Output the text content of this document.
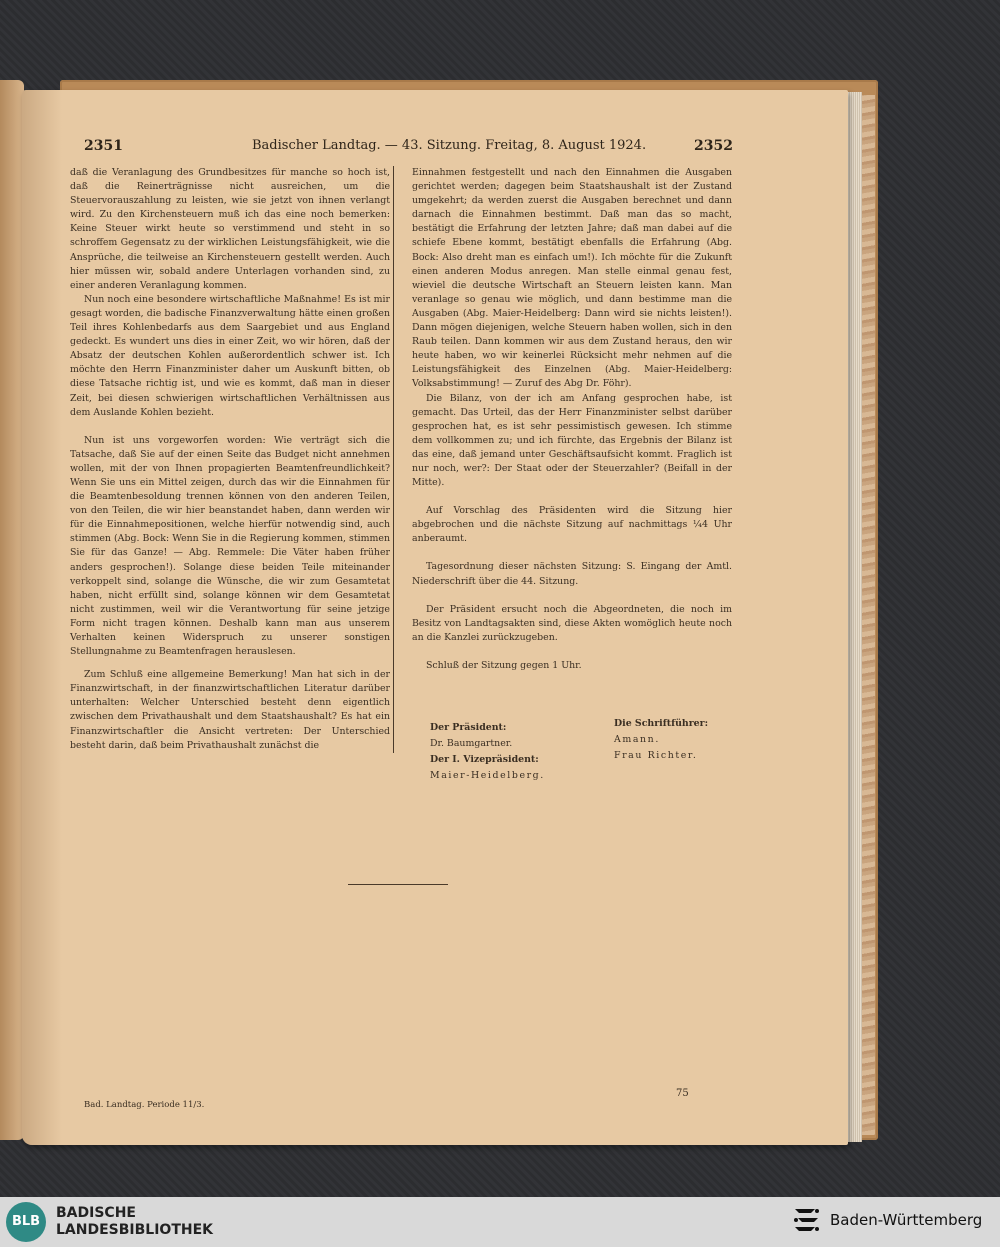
2351	Badischer Landtag. — 43. Sitzung. Freitag, 8. August 1924.	2352

daß die Veranlagung des Grundbesitzes für manche so hoch ist, daß die Reinerträgnisse nicht ausreichen, um die Steuervorauszahlung zu leisten, wie sie jetzt von ihnen verlangt wird. Zu den Kirchensteuern muß ich das eine noch bemerken: Keine Steuer wirkt heute so verstimmend und steht in so schroffem Gegensatz zu der wirklichen Leistungsfähigkeit, wie die Ansprüche, die teilweise an Kirchensteuern gestellt werden. Auch hier müssen wir, sobald andere Unterlagen vorhanden sind, zu einer anderen Veranlagung kommen.

Nun noch eine besondere wirtschaftliche Maßnahme! Es ist mir gesagt worden, die badische Finanzverwaltung hätte einen großen Teil ihres Kohlenbedarfs aus dem Saargebiet und aus England gedeckt. Es wundert uns dies in einer Zeit, wo wir hören, daß der Absatz der deutschen Kohlen außerordentlich schwer ist. Ich möchte den Herrn Finanzminister daher um Auskunft bitten, ob diese Tatsache richtig ist, und wie es kommt, daß man in dieser Zeit, bei diesen schwierigen wirtschaftlichen Verhältnissen aus dem Auslande Kohlen bezieht.

Nun ist uns vorgeworfen worden: Wie verträgt sich die Tatsache, daß Sie auf der einen Seite das Budget nicht annehmen wollen, mit der von Ihnen propagierten Beamtenfreundlichkeit? Wenn Sie uns ein Mittel zeigen, durch das wir die Einnahmen für die Beamtenbesoldung trennen können von den anderen Teilen, von den Teilen, die wir hier beanstandet haben, dann werden wir für die Einnahmepositionen, welche hierfür notwendig sind, auch stimmen (Abg. Bock: Wenn Sie in die Regierung kommen, stimmen Sie für das Ganze! — Abg. Remmele: Die Väter haben früher anders gesprochen!). Solange diese beiden Teile miteinander verkoppelt sind, solange die Wünsche, die wir zum Gesamtetat haben, nicht erfüllt sind, solange können wir dem Gesamtetat nicht zustimmen, weil wir die Verantwortung für seine jetzige Form nicht tragen können. Deshalb kann man aus unserem Verhalten keinen Widerspruch zu unserer sonstigen Stellungnahme zu Beamtenfragen herauslesen.

Zum Schluß eine allgemeine Bemerkung! Man hat sich in der Finanzwirtschaft, in der finanzwirtschaftlichen Literatur darüber unterhalten: Welcher Unterschied besteht denn eigentlich zwischen dem Privathaushalt und dem Staatshaushalt? Es hat ein Finanzwirtschaftler die Ansicht vertreten: Der Unterschied besteht darin, daß beim Privathaushalt zunächst die

Einnahmen festgestellt und nach den Einnahmen die Ausgaben gerichtet werden; dagegen beim Staatshaushalt ist der Zustand umgekehrt; da werden zuerst die Ausgaben berechnet und dann darnach die Einnahmen bestimmt. Daß man das so macht, bestätigt die Erfahrung der letzten Jahre; daß man dabei auf die schiefe Ebene kommt, bestätigt ebenfalls die Erfahrung (Abg. Bock: Also dreht man es einfach um!). Ich möchte für die Zukunft einen anderen Modus anregen. Man stelle einmal genau fest, wieviel die deutsche Wirtschaft an Steuern leisten kann. Man veranlage so genau wie möglich, und dann bestimme man die Ausgaben (Abg. Maier-Heidelberg: Dann wird sie nichts leisten!). Dann mögen diejenigen, welche Steuern haben wollen, sich in den Raub teilen. Dann kommen wir aus dem Zustand heraus, den wir heute haben, wo wir keinerlei Rücksicht mehr nehmen auf die Leistungsfähigkeit des Einzelnen (Abg. Maier-Heidelberg: Volksabstimmung! — Zuruf des Abg Dr. Föhr).

Die Bilanz, von der ich am Anfang gesprochen habe, ist gemacht. Das Urteil, das der Herr Finanzminister selbst darüber gesprochen hat, es ist sehr pessimistisch gewesen. Ich stimme dem vollkommen zu; und ich fürchte, das Ergebnis der Bilanz ist das eine, daß jemand unter Geschäftsaufsicht kommt. Fraglich ist nur noch, wer?: Der Staat oder der Steuerzahler? (Beifall in der Mitte).

Auf Vorschlag des Präsidenten wird die Sitzung hier abgebrochen und die nächste Sitzung auf nachmittags ¼4 Uhr anberaumt.

Tagesordnung dieser nächsten Sitzung: S. Eingang der Amtl. Niederschrift über die 44. Sitzung.

Der Präsident ersucht noch die Abgeordneten, die noch im Besitz von Landtagsakten sind, diese Akten womöglich heute noch an die Kanzlei zurückzugeben.

Schluß der Sitzung gegen 1 Uhr.

Der Präsident:
Dr. Baumgartner.
Der I. Vizepräsident:
Maier-Heidelberg.
Die Schriftführer:
Amann.
Frau Richter.
Bad. Landtag. Periode 11/3.
75
BLB
BADISCHE
LANDESBIBLIOTHEK
Baden-Württemberg
